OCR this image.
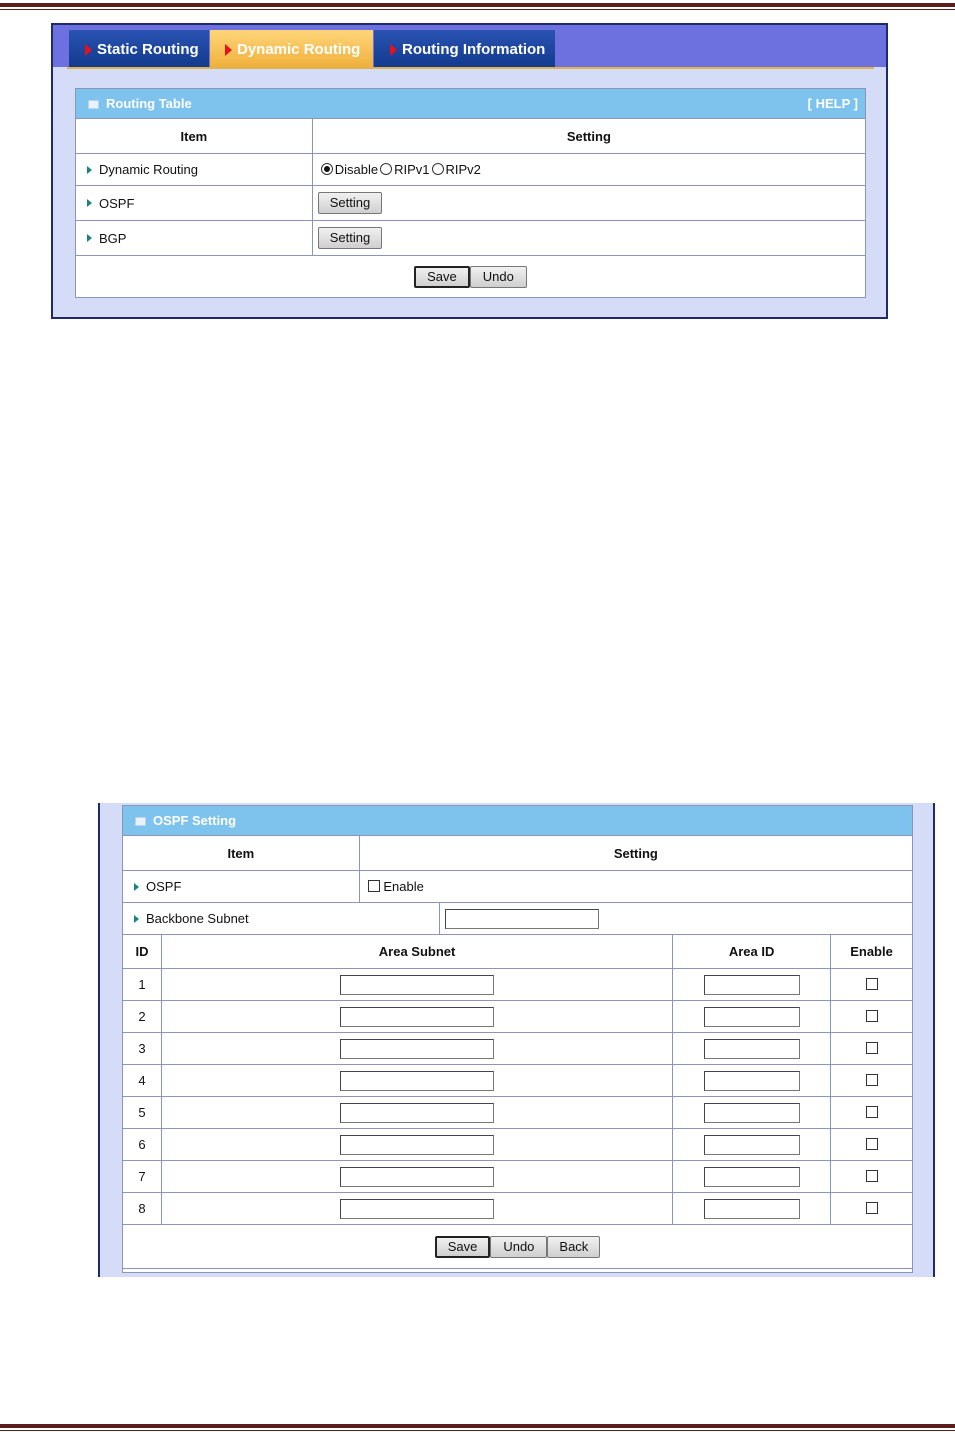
Static Routing	Dynamic Routing	Routing Information
Routing Table	[ HELP ]
Item	Setting

Dynamic Routing	Disable RIPv1 RIPv2

OSPF	Setting

BGP	Setting
Save Undo	
OSPF Setting
Item	Setting	

OSPF	Enable	

Backbone Subnet		
ID	Area Subnet	Area ID	Enable
1			
2			
3			
4			
5			
6			
7			
8			
Save Undo Back			
